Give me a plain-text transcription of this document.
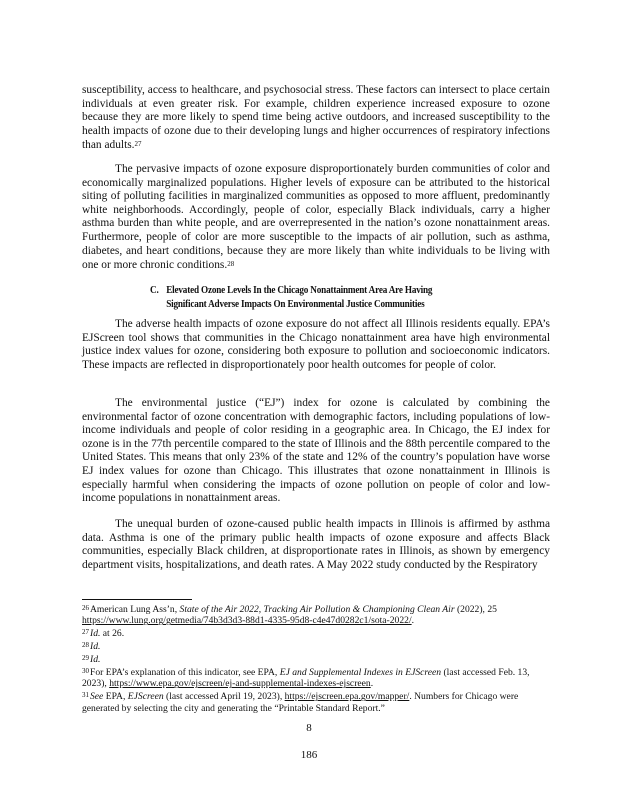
susceptibility, access to healthcare, and psychosocial stress. These factors can intersect to place certain individuals at even greater risk. For example, children experience increased exposure to ozone because they are more likely to spend time being active outdoors, and increased susceptibility to the health impacts of ozone due to their developing lungs and higher occurrences of respiratory infections than adults.$^{27}$

The pervasive impacts of ozone exposure disproportionately burden communities of color and economically marginalized populations. Higher levels of exposure can be attributed to the historical siting of polluting facilities in marginalized communities as opposed to more affluent, predominantly white neighborhoods. Accordingly, people of color, especially Black individuals, carry a higher asthma burden than white people, and are overrepresented in the nation’s ozone nonattainment areas. Furthermore, people of color are more susceptible to the impacts of air pollution, such as asthma, diabetes, and heart conditions, because they are more likely than white individuals to be living with one or more chronic conditions.$^{28}$

C. Elevated Ozone Levels In the Chicago Nonattainment Area Are Having
Significant Adverse Impacts On Environmental Justice Communities

The adverse health impacts of ozone exposure do not affect all Illinois residents equally. EPA’s EJScreen tool shows that communities in the Chicago nonattainment area have high environmental justice index values for ozone, considering both exposure to pollution and socioeconomic indicators. These impacts are reflected in disproportionately poor health outcomes for people of color.

The environmental justice (“EJ”) index for ozone is calculated by combining the environmental factor of ozone concentration with demographic factors, including populations of low-income individuals and people of color residing in a geographic area. In Chicago, the EJ index for ozone is in the 77th percentile compared to the state of Illinois and the 88th percentile compared to the United States. This means that only 23% of the state and 12% of the country’s population have worse EJ index values for ozone than Chicago. This illustrates that ozone nonattainment in Illinois is especially harmful when considering the impacts of ozone pollution on people of color and low-income populations in nonattainment areas.

The unequal burden of ozone-caused public health impacts in Illinois is affirmed by asthma data. Asthma is one of the primary public health impacts of ozone exposure and affects Black communities, especially Black children, at disproportionate rates in Illinois, as shown by emergency department visits, hospitalizations, and death rates. A May 2022 study conducted by the Respiratory

$^{26}$American Lung Ass’n, State of the Air 2022, Tracking Air Pollution & Championing Clean Air (2022), 25 https://www.lung.org/getmedia/74b3d3d3-88d1-4335-95d8-c4e47d0282c1/sota-2022/.
$^{27}$Id. at 26.
$^{28}$Id.
$^{29}$Id.
$^{30}$For EPA’s explanation of this indicator, see EPA, EJ and Supplemental Indexes in EJScreen (last accessed Feb. 13, 2023), https://www.epa.gov/ejscreen/ej-and-supplemental-indexes-ejscreen.
$^{31}$See EPA, EJScreen (last accessed April 19, 2023), https://ejscreen.epa.gov/mapper/. Numbers for Chicago were generated by selecting the city and generating the “Printable Standard Report.”
8
186
